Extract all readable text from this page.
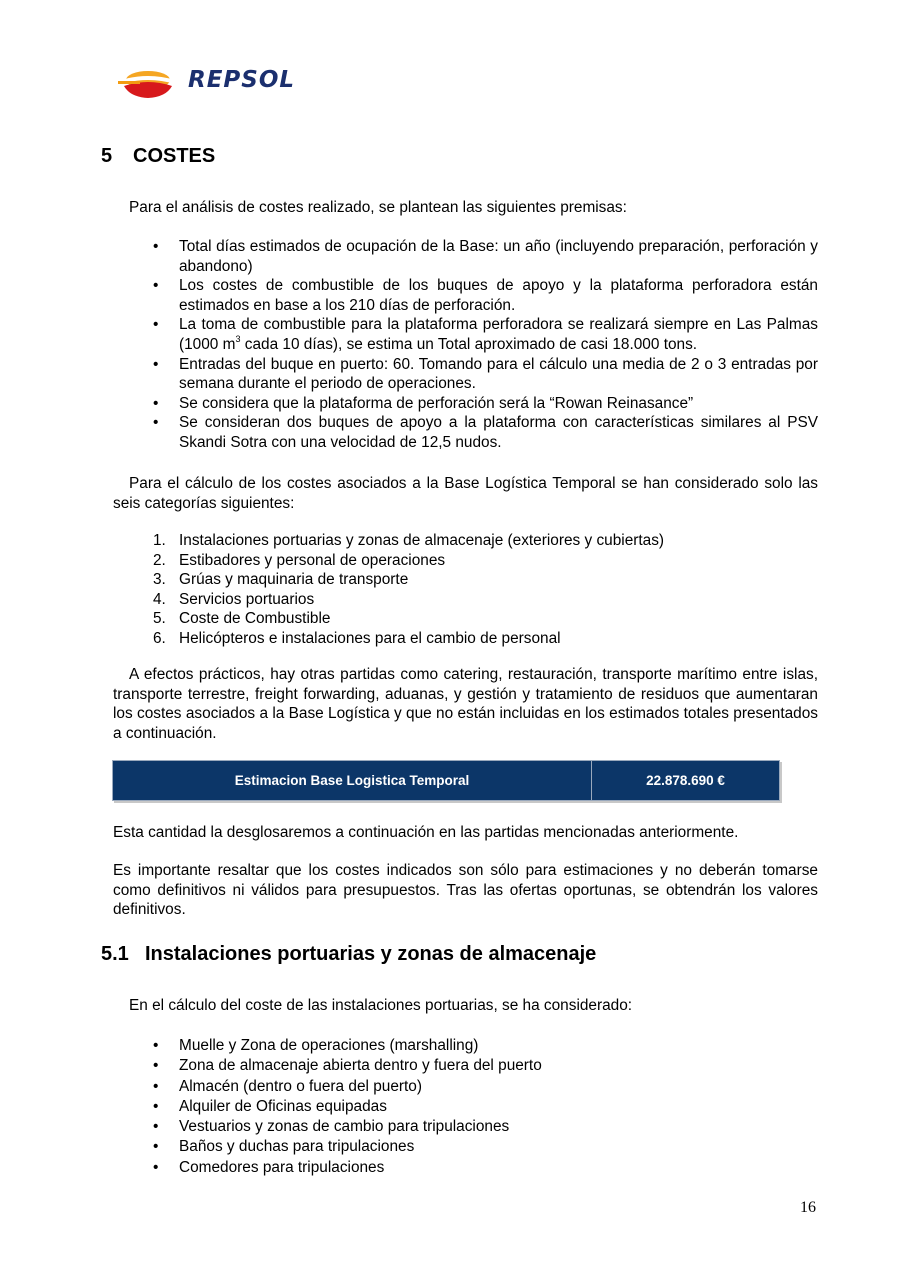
REPSOL
5 COSTES
Para el análisis de costes realizado, se plantean las siguientes premisas:
• Total días estimados de ocupación de la Base: un año (incluyendo preparación, perforación y abandono)
• Los costes de combustible de los buques de apoyo y la plataforma perforadora están estimados en base a los 210 días de perforación.
• La toma de combustible para la plataforma perforadora se realizará siempre en Las Palmas (1000 $m^3$ cada 10 días), se estima un Total aproximado de casi 18.000 tons.
• Entradas del buque en puerto: 60. Tomando para el cálculo una media de 2 o 3 entradas por semana durante el periodo de operaciones.
• Se considera que la plataforma de perforación será la “Rowan Reinasance”
• Se consideran dos buques de apoyo a la plataforma con características similares al PSV Skandi Sotra con una velocidad de 12,5 nudos.
Para el cálculo de los costes asociados a la Base Logística Temporal se han considerado solo las seis categorías siguientes:
1. Instalaciones portuarias y zonas de almacenaje (exteriores y cubiertas)
2. Estibadores y personal de operaciones
3. Grúas y maquinaria de transporte
4. Servicios portuarios
5. Coste de Combustible
6. Helicópteros e instalaciones para el cambio de personal
A efectos prácticos, hay otras partidas como catering, restauración, transporte marítimo entre islas, transporte terrestre, freight forwarding, aduanas, y gestión y tratamiento de residuos que aumentaran los costes asociados a la Base Logística y que no están incluidas en los estimados totales presentados a continuación.
Estimacion Base Logistica Temporal	22.878.690 €
Esta cantidad la desglosaremos a continuación en las partidas mencionadas anteriormente.
Es importante resaltar que los costes indicados son sólo para estimaciones y no deberán tomarse como definitivos ni válidos para presupuestos. Tras las ofertas oportunas, se obtendrán los valores definitivos.
5.1 Instalaciones portuarias y zonas de almacenaje
En el cálculo del coste de las instalaciones portuarias, se ha considerado:
• Muelle y Zona de operaciones (marshalling)
• Zona de almacenaje abierta dentro y fuera del puerto
• Almacén (dentro o fuera del puerto)
• Alquiler de Oficinas equipadas
• Vestuarios y zonas de cambio para tripulaciones
• Baños y duchas para tripulaciones
• Comedores para tripulaciones
16
